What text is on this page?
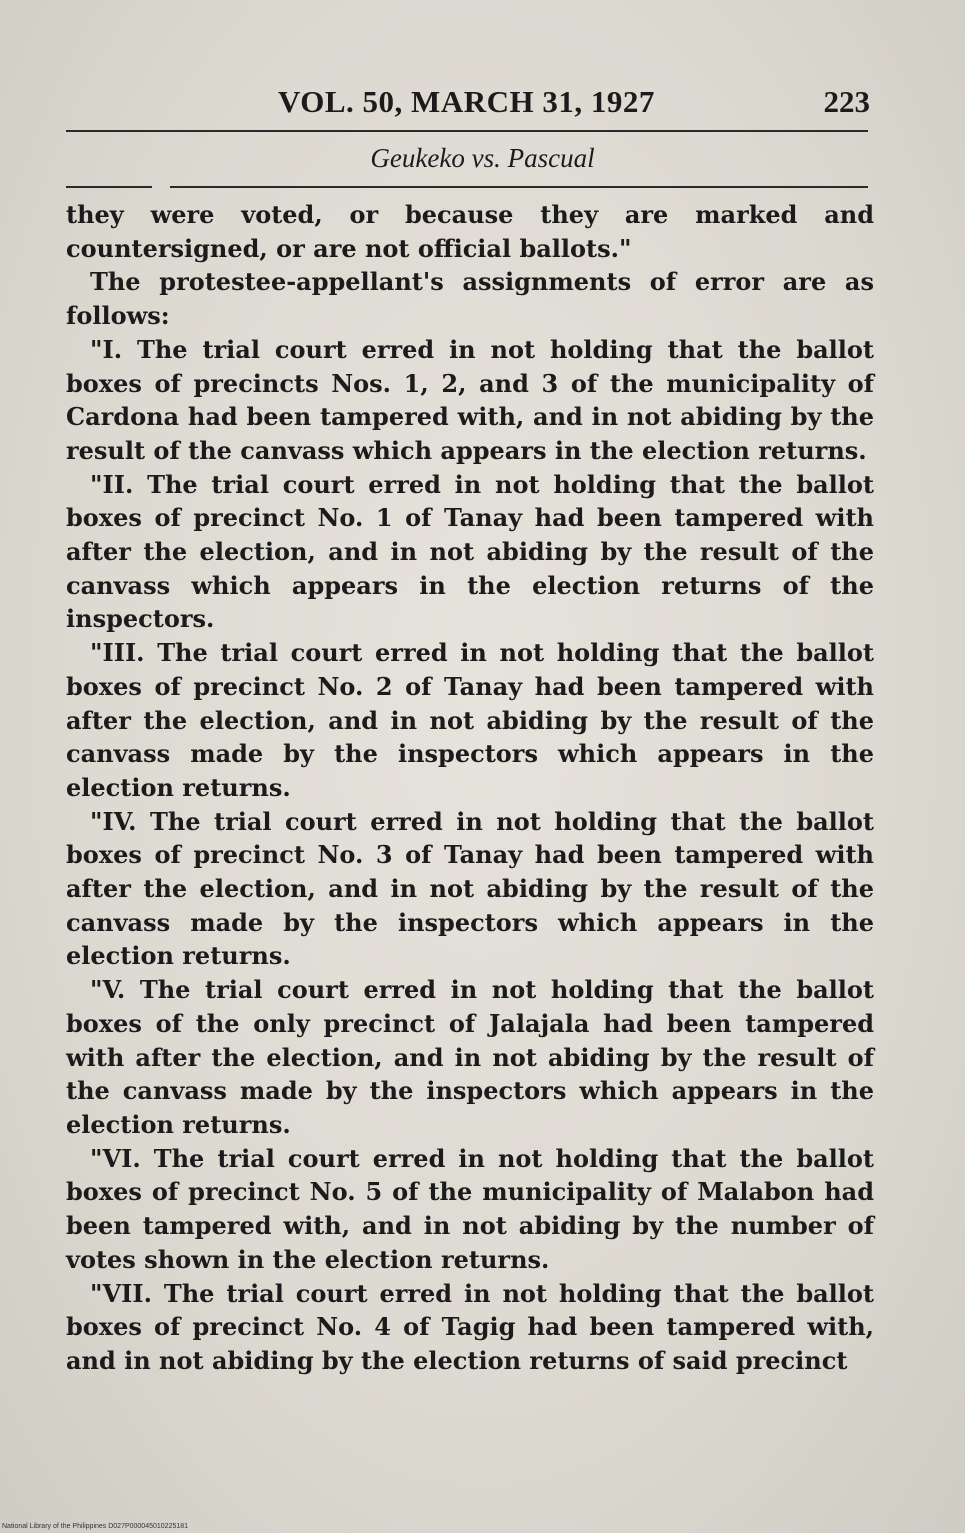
VOL. 50, MARCH 31, 1927	223
Geukeko vs. Pascual

they were voted, or because they are marked and countersigned, or are not official ballots."

The protestee-appellant's assignments of error are as follows:

"I. The trial court erred in not holding that the ballot boxes of precincts Nos. 1, 2, and 3 of the municipality of Cardona had been tampered with, and in not abiding by the result of the canvass which appears in the election returns.

"II. The trial court erred in not holding that the ballot boxes of precinct No. 1 of Tanay had been tampered with after the election, and in not abiding by the result of the canvass which appears in the election returns of the inspectors.

"III. The trial court erred in not holding that the ballot boxes of precinct No. 2 of Tanay had been tampered with after the election, and in not abiding by the result of the canvass made by the inspectors which appears in the election returns.

"IV. The trial court erred in not holding that the ballot boxes of precinct No. 3 of Tanay had been tampered with after the election, and in not abiding by the result of the canvass made by the inspectors which appears in the election returns.

"V. The trial court erred in not holding that the ballot boxes of the only precinct of Jalajala had been tampered with after the election, and in not abiding by the result of the canvass made by the inspectors which appears in the election returns.

"VI. The trial court erred in not holding that the ballot boxes of precinct No. 5 of the municipality of Malabon had been tampered with, and in not abiding by the number of votes shown in the election returns.

"VII. The trial court erred in not holding that the ballot boxes of precinct No. 4 of Tagig had been tampered with, and in not abiding by the election returns of said precinct

National Library of the Philippines D027P000045010225181
